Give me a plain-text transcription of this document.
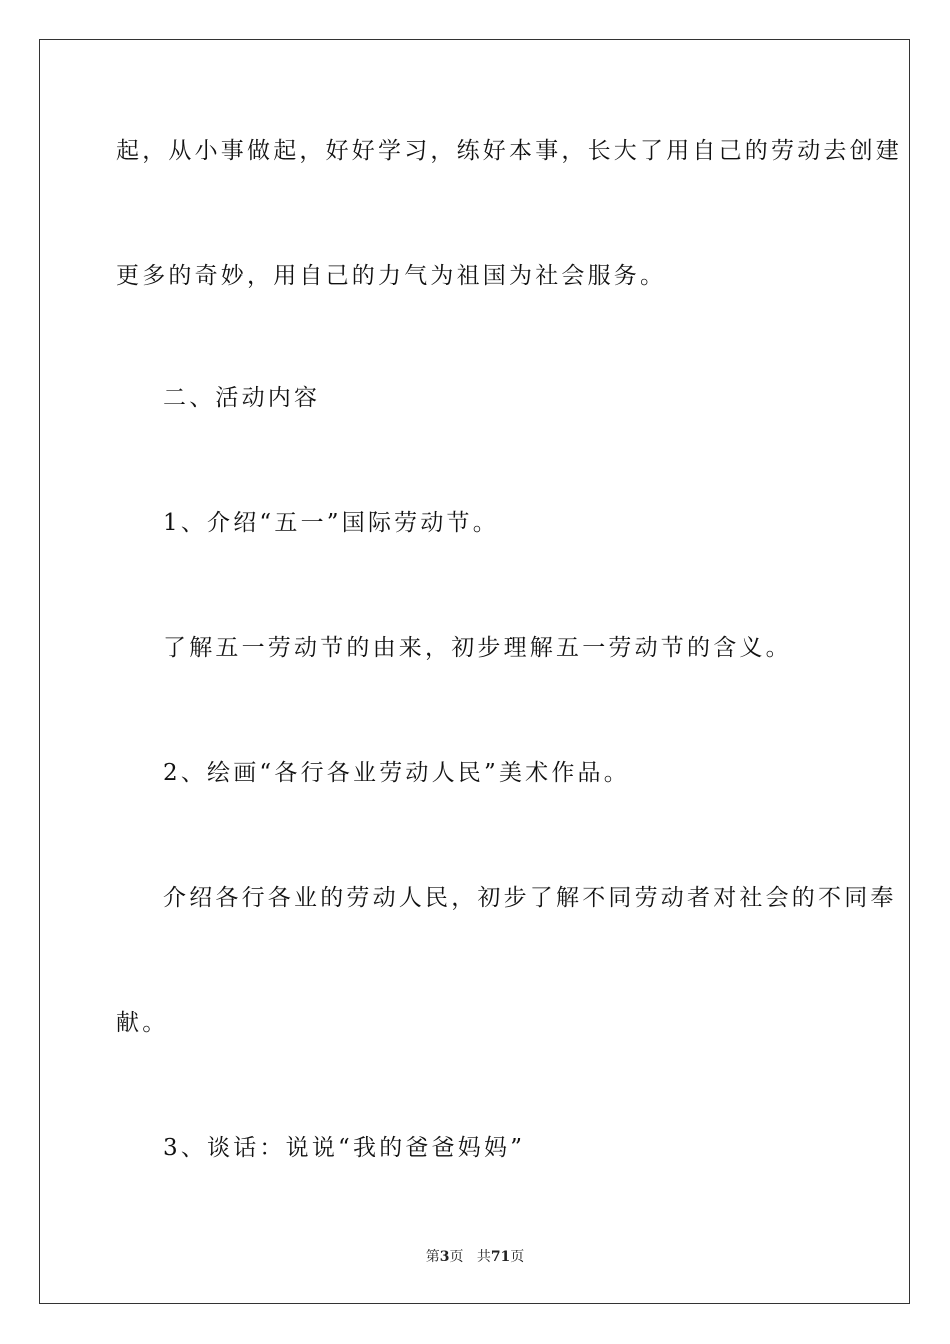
起，从小事做起，好好学习，练好本事，长大了用自己的劳动去创建
更多的奇妙，用自己的力气为祖国为社会服务。
二、活动内容
1、介绍“五一”国际劳动节。
了解五一劳动节的由来，初步理解五一劳动节的含义。
2、绘画“各行各业劳动人民”美术作品。
介绍各行各业的劳动人民，初步了解不同劳动者对社会的不同奉
献。
3、谈话：说说“我的爸爸妈妈”
第3页 共71页
